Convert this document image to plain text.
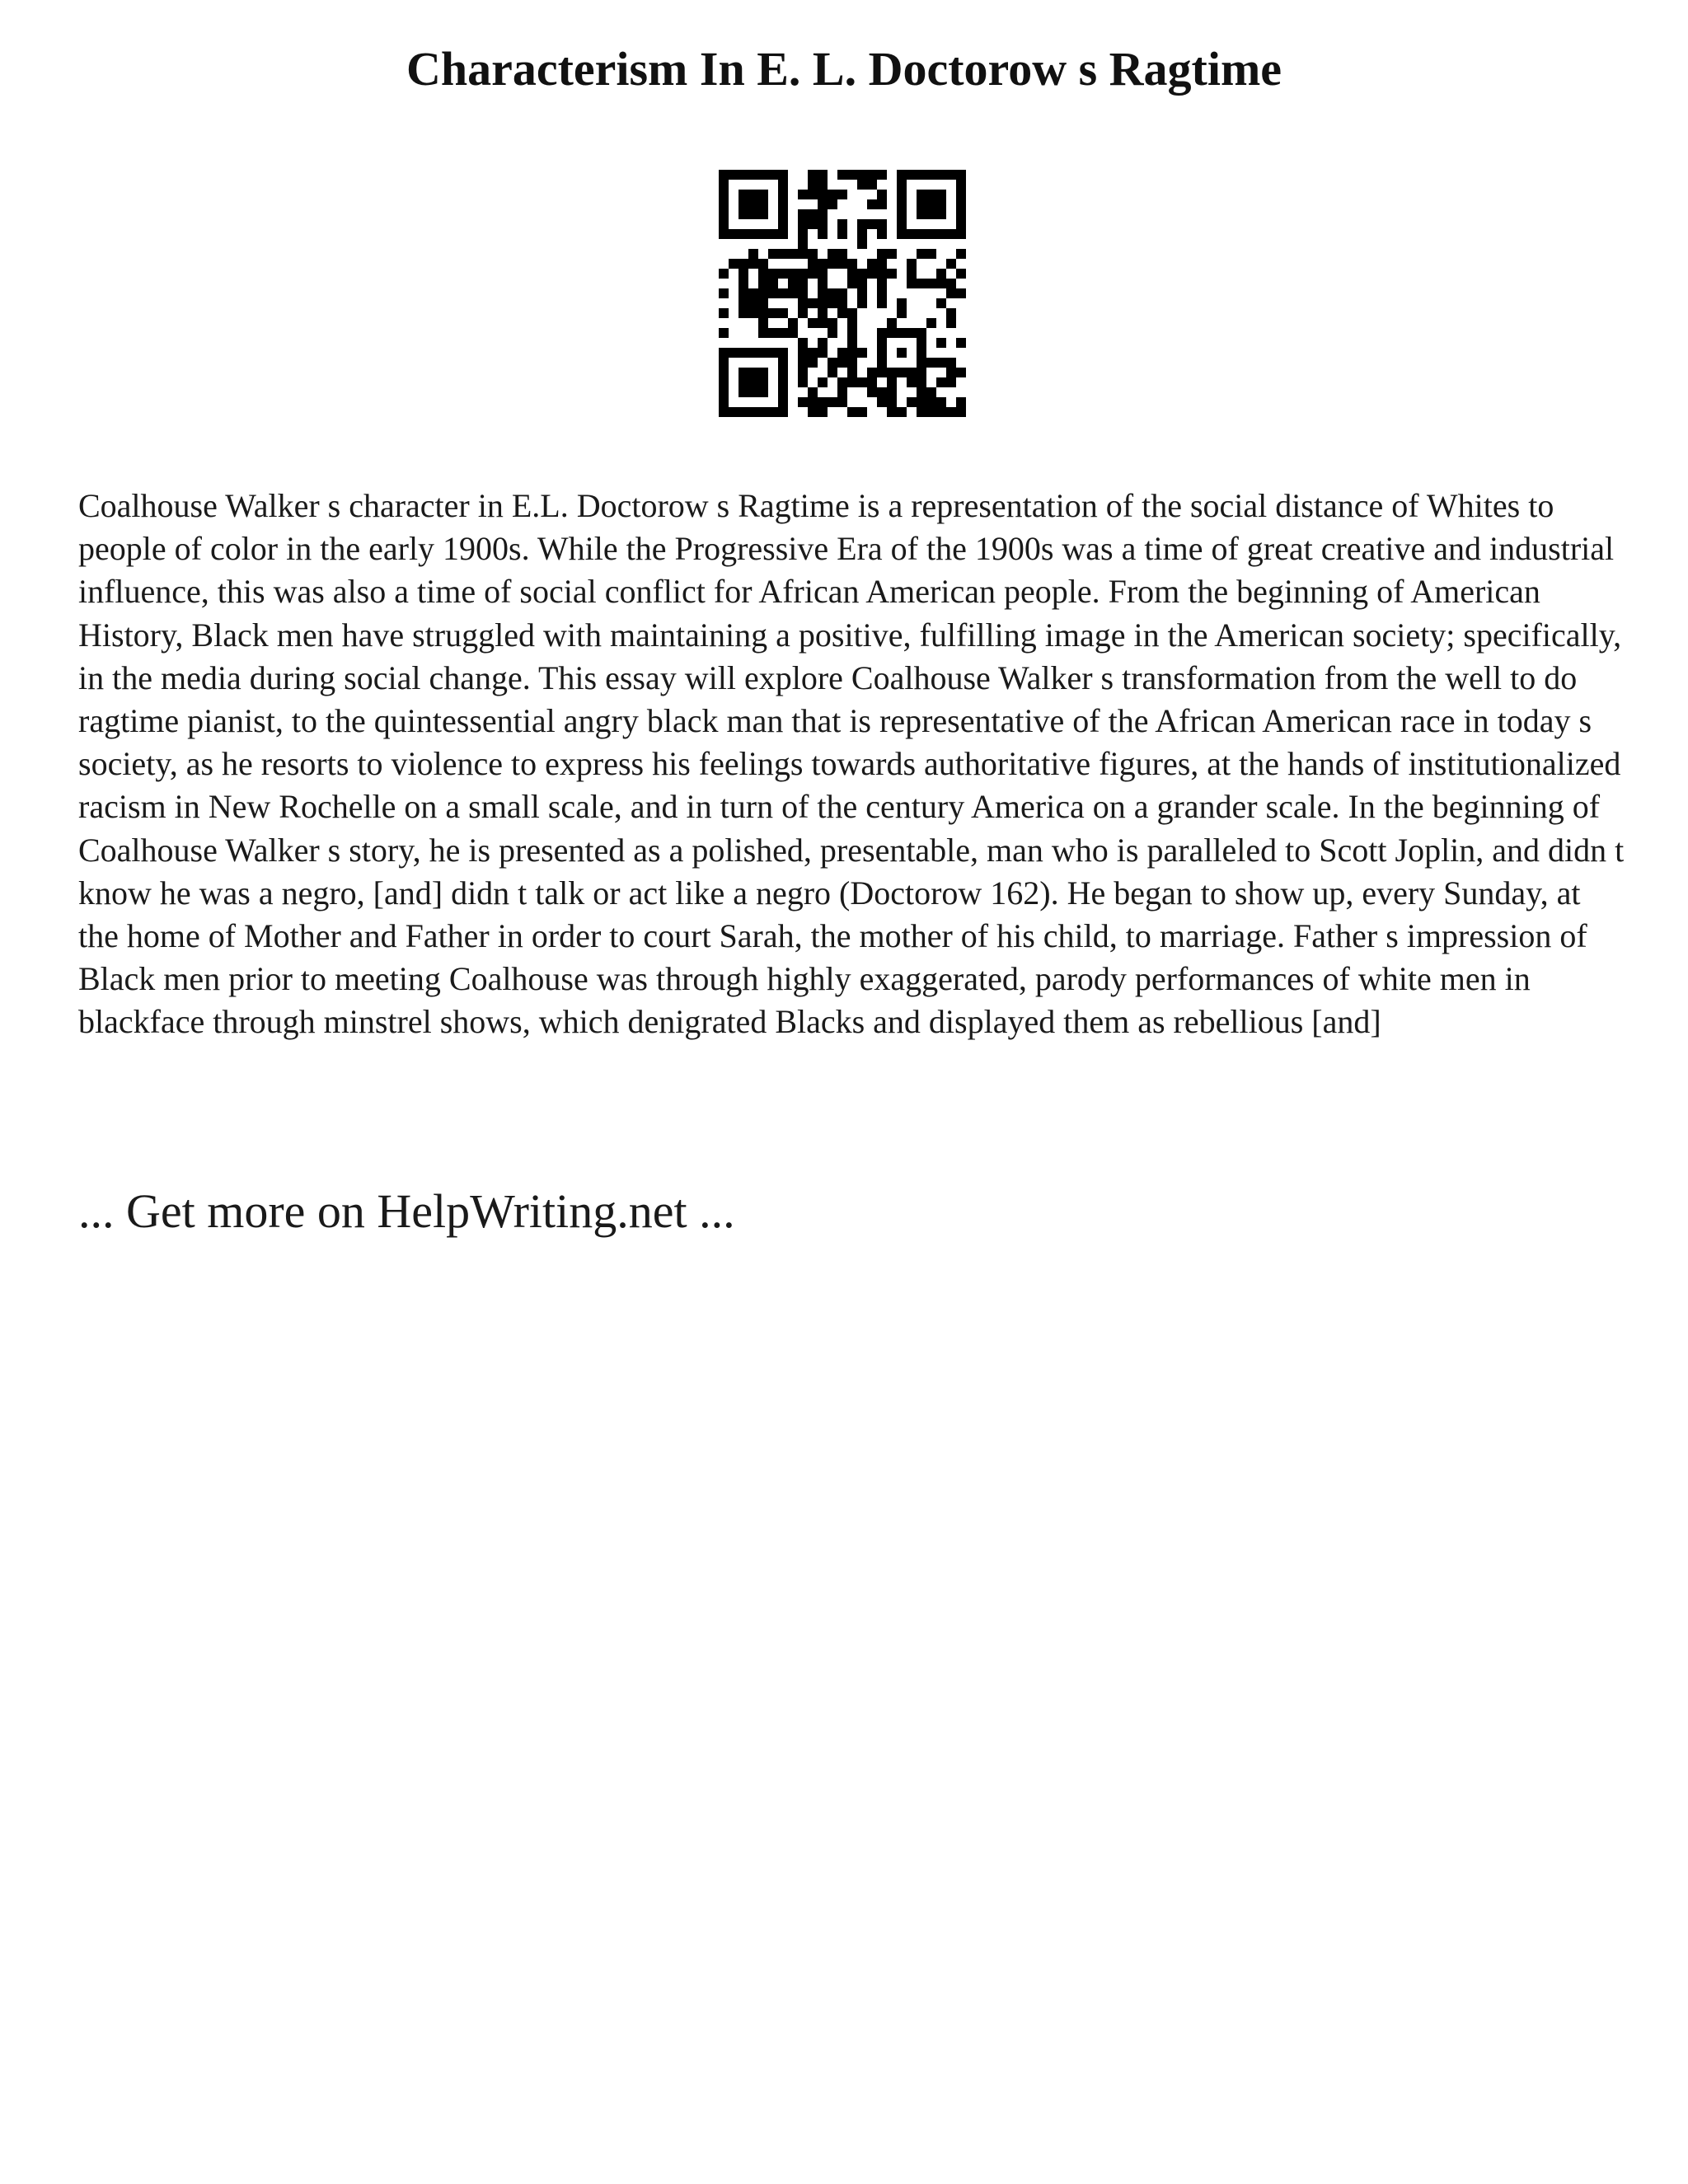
Characterism In E. L. Doctorow s Ragtime

Coalhouse Walker s character in E.L. Doctorow s Ragtime is a representation of the social distance of Whites to people of color in the early 1900s. While the Progressive Era of the 1900s was a time of great creative and industrial influence, this was also a time of social conflict for African American people. From the beginning of American History, Black men have struggled with maintaining a positive, fulfilling image in the American society; specifically, in the media during social change. This essay will explore Coalhouse Walker s transformation from the well to do ragtime pianist, to the quintessential angry black man that is representative of the African American race in today s society, as he resorts to violence to express his feelings towards authoritative figures, at the hands of institutionalized racism in New Rochelle on a small scale, and in turn of the century America on a grander scale. In the beginning of Coalhouse Walker s story, he is presented as a polished, presentable, man who is paralleled to Scott Joplin, and didn t know he was a negro, [and] didn t talk or act like a negro (Doctorow 162). He began to show up, every Sunday, at the home of Mother and Father in order to court Sarah, the mother of his child, to marriage. Father s impression of Black men prior to meeting Coalhouse was through highly exaggerated, parody performances of white men in blackface through minstrel shows, which denigrated Blacks and displayed them as rebellious [and]

... Get more on HelpWriting.net ...
